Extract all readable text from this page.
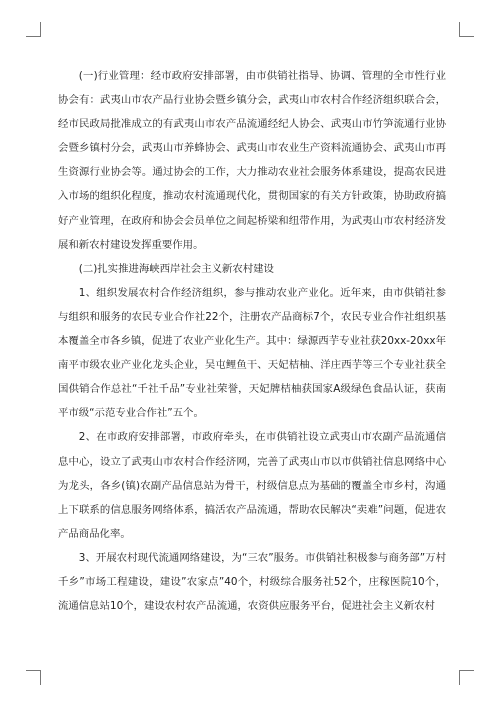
(一)行业管理：经市政府安排部署，由市供销社指导、协调、管理的全市性行业协会有：武夷山市农产品行业协会暨乡镇分会，武夷山市农村合作经济组织联合会，经市民政局批准成立的有武夷山市农产品流通经纪人协会、武夷山市竹笋流通行业协会暨乡镇村分会，武夷山市养蜂协会、武夷山市农业生产资料流通协会、武夷山市再生资源行业协会等。通过协会的工作，大力推动农业社会服务体系建设，提高农民进入市场的组织化程度，推动农村流通现代化，贯彻国家的有关方针政策，协助政府搞好产业管理，在政府和协会会员单位之间起桥梁和纽带作用，为武夷山市农村经济发展和新农村建设发挥重要作用。

(二)扎实推进海峡西岸社会主义新农村建设

1、组织发展农村合作经济组织，参与推动农业产业化。近年来，由市供销社参与组织和服务的农民专业合作社22个，注册农产品商标7个，农民专业合作社组织基本覆盖全市各乡镇，促进了农业产业化生产。其中：绿源西芋专业社获20xx-20xx年南平市级农业产业化龙头企业，吴屯鲤鱼干、天妃桔柚、洋庄西芋等三个专业社获全国供销合作总社“千社千品”专业社荣誉，天妃牌桔柚获国家A级绿色食品认证，获南平市级“示范专业合作社”五个。

2、在市政府安排部署，市政府牵头，在市供销社设立武夷山市农副产品流通信息中心，设立了武夷山市农村合作经济网，完善了武夷山市以市供销社信息网络中心为龙头，各乡(镇)农副产品信息站为骨干，村级信息点为基础的覆盖全市乡村，沟通上下联系的信息服务网络体系，搞活农产品流通，帮助农民解决“卖难”问题，促进农产品商品化率。

3、开展农村现代流通网络建设，为“三农”服务。市供销社积极参与商务部”万村千乡”市场工程建设，建设”农家点”40个，村级综合服务社52个，庄稼医院10个，流通信息站10个，建设农村农产品流通，农资供应服务平台，促进社会主义新农村
